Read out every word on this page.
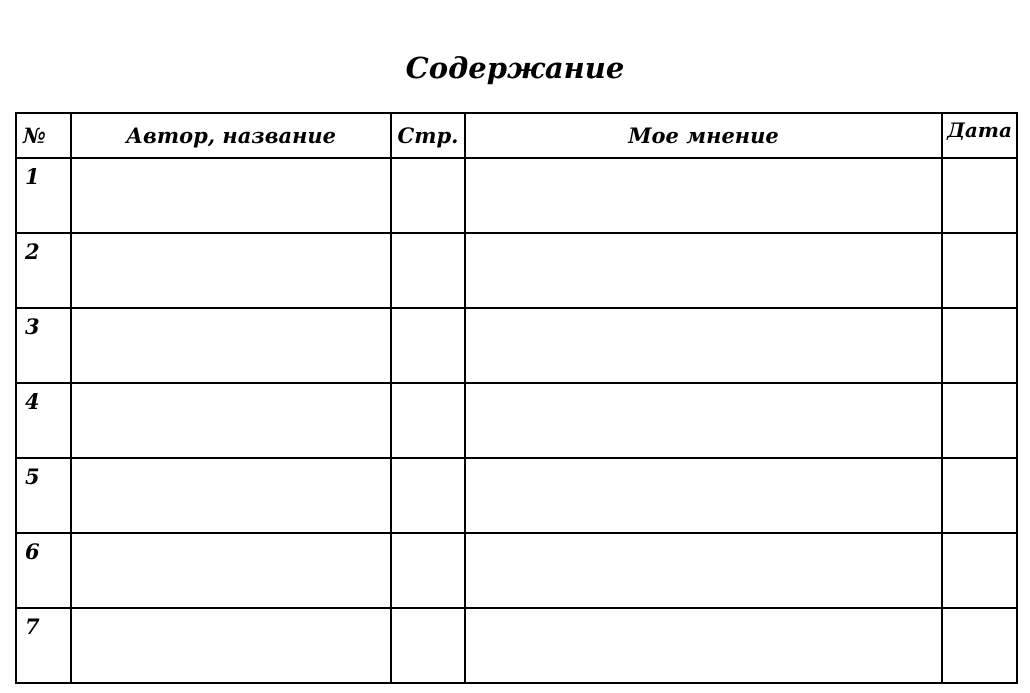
Содержание
№	Автор, название	Стр.	Мое мнение	Дата
1				
2				
3				
4				
5				
6				
7				
